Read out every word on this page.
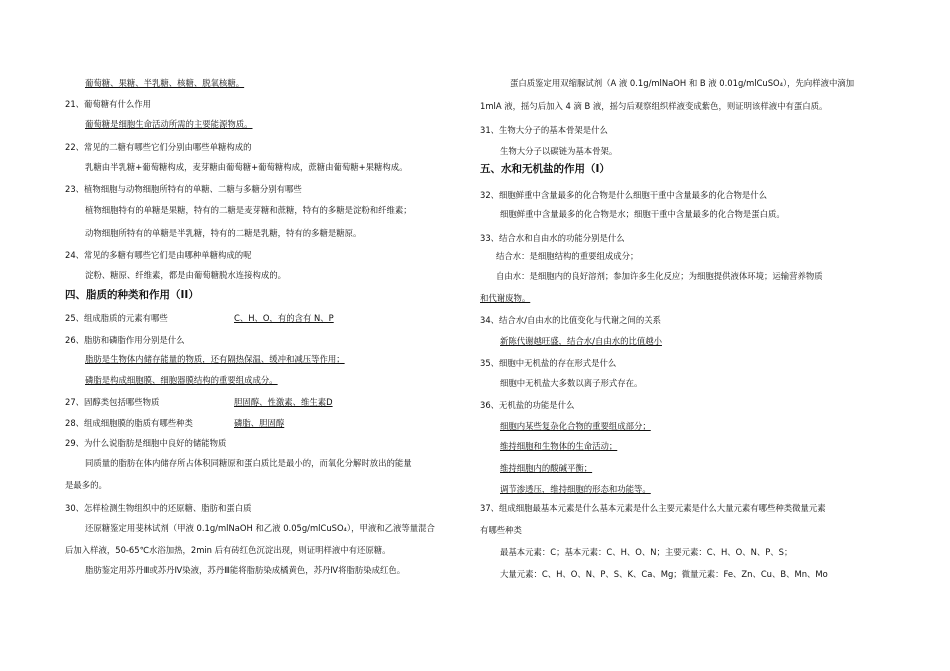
葡萄糖、果糖、半乳糖、核糖、脱氧核糖。
21、葡萄糖有什么作用
葡萄糖是细胞生命活动所需的主要能源物质。
22、常见的二糖有哪些它们分别由哪些单糖构成的
乳糖由半乳糖+葡萄糖构成，麦芽糖由葡萄糖+葡萄糖构成，蔗糖由葡萄糖+果糖构成。
23、植物细胞与动物细胞所特有的单糖、二糖与多糖分别有哪些
植物细胞特有的单糖是果糖，特有的二糖是麦芽糖和蔗糖，特有的多糖是淀粉和纤维素；
动物细胞所特有的单糖是半乳糖，特有的二糖是乳糖，特有的多糖是糖原。
24、常见的多糖有哪些它们是由哪种单糖构成的呢
淀粉、糖原、纤维素，都是由葡萄糖脱水连接构成的。
四、脂质的种类和作用（II）
25、组成脂质的元素有哪些	C、H、O，有的含有 N、P
26、脂肪和磷脂作用分别是什么
脂肪是生物体内储存能量的物质，还有隔热保温、缓冲和减压等作用；
磷脂是构成细胞膜、细胞器膜结构的重要组成成分。
27、固醇类包括哪些物质	胆固醇、性激素、维生素D
28、组成细胞膜的脂质有哪些种类	磷脂、胆固醇
29、为什么说脂肪是细胞中良好的储能物质
同质量的脂肪在体内储存所占体积同糖原和蛋白质比是最小的，而氧化分解时放出的能量
是最多的。
30、怎样检测生物组织中的还原糖、脂肪和蛋白质
还原糖鉴定用斐林试剂（甲液 0.1g/mlNaOH 和乙液 0.05g/mlCuSO₄），甲液和乙液等量混合
后加入样液，50-65℃水浴加热，2min 后有砖红色沉淀出现，则证明样液中有还原糖。
脂肪鉴定用苏丹Ⅲ或苏丹Ⅳ染液，苏丹Ⅲ能将脂肪染成橘黄色，苏丹Ⅳ将脂肪染成红色。
蛋白质鉴定用双缩脲试剂（A 液 0.1g/mlNaOH 和 B 液 0.01g/mlCuSO₄），先向样液中滴加
1mlA 液，摇匀后加入 4 滴 B 液，摇匀后观察组织样液变成紫色，则证明该样液中有蛋白质。
31、生物大分子的基本骨架是什么
生物大分子以碳链为基本骨架。
五、水和无机盐的作用（I）
32、细胞鲜重中含量最多的化合物是什么细胞干重中含量最多的化合物是什么
细胞鲜重中含量最多的化合物是水；细胞干重中含量最多的化合物是蛋白质。
33、结合水和自由水的功能分别是什么
结合水：是细胞结构的重要组成成分；
自由水：是细胞内的良好溶剂；参加许多生化反应；为细胞提供液体环境；运输营养物质
和代谢废物。
34、结合水/自由水的比值变化与代谢之间的关系
新陈代谢越旺盛，结合水/自由水的比值越小
35、细胞中无机盐的存在形式是什么
细胞中无机盐大多数以离子形式存在。
36、无机盐的功能是什么
细胞内某些复杂化合物的重要组成部分；
维持细胞和生物体的生命活动；
维持细胞内的酸碱平衡；
调节渗透压，维持细胞的形态和功能等。
37、组成细胞最基本元素是什么基本元素是什么主要元素是什么大量元素有哪些种类微量元素
有哪些种类
最基本元素：C；基本元素：C、H、O、N；主要元素：C、H、O、N、P、S；
大量元素：C、H、O、N、P、S、K、Ca、Mg；微量元素：Fe、Zn、Cu、B、Mn、Mo
